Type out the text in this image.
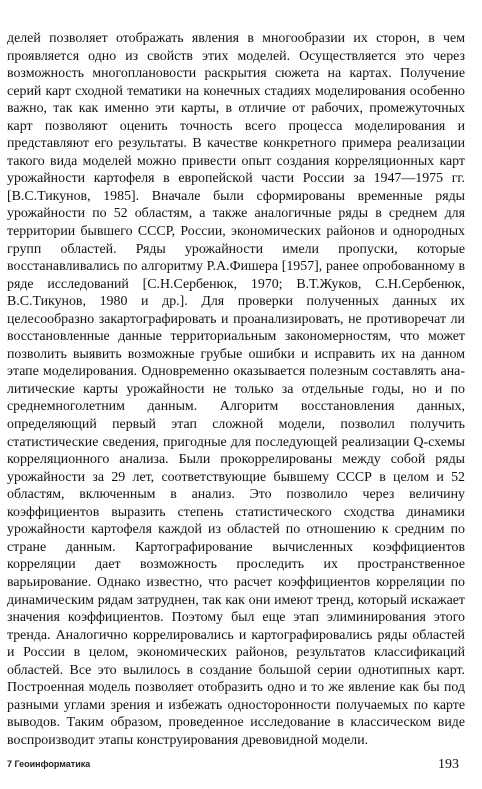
делей позволяет отображать явления в многообразии их сторон, в чем проявляется одно из свойств этих моделей. Осуществляется это через возможность многоплановости раскрытия сюжета на картах. Получение серий карт сходной тематики на конечных стадиях моделирования особенно важно, так как именно эти карты, в отличие от рабочих, промежуточных карт позволяют оценить точность всего процесса моделирования и представляют его результаты. В качестве конкретного примера реализации такого вида моделей можно привести опыт создания корреляционных карт урожайности картофеля в европейской части России за 1947—1975 гг. [В.С.Тикунов, 1985]. Вначале были сформированы временные ряды урожайности по 52 областям, а также аналогичные ряды в среднем для территории бывшего СССР, России, экономических районов и однородных групп областей. Ряды урожайности имели пропуски, которые восстанавливались по алгоритму Р.А.Фишера [1957], ранее опробованному в ряде исследований [С.Н.Сербенюк, 1970; В.Т.Жуков, С.Н.Сербенюк, В.С.Тикунов, 1980 и др.]. Для проверки полученных данных их целесообразно закартографировать и проанализировать, не противоречат ли восстановленные данные территориальным закономерностям, что может позволить выявить возможные грубые ошибки и исправить их на данном этапе моделирования. Одновременно оказывается полезным составлять аналитические карты урожайности не только за отдельные годы, но и по среднемноголетним данным. Алгоритм восстановления данных, определяющий первый этап сложной модели, позволил получить статистические сведения, пригодные для последующей реализации Q-схемы корреляционного анализа. Были прокоррелированы между собой ряды урожайности за 29 лет, соответствующие бывшему СССР в целом и 52 областям, включенным в анализ. Это позволило через величину коэффициентов выразить степень статистического сходства динамики урожайности картофеля каждой из областей по отношению к средним по стране данным. Картографирование вычисленных коэффициентов корреляции дает возможность проследить их пространственное варьирование. Однако известно, что расчет коэффициентов корреляции по динамическим рядам затруднен, так как они имеют тренд, который искажает значения коэффициентов. Поэтому был еще этап элиминирования этого тренда. Аналогично коррелировались и картографировались ряды областей и России в целом, экономических районов, результатов классификаций областей. Все это вылилось в создание большой серии однотипных карт. Построенная модель позволяет отобразить одно и то же явление как бы под разными углами зрения и избежать односторонности получаемых по карте выводов. Таким образом, проведенное исследование в классическом виде воспроизводит этапы конструирования древовидной модели.

7 Геоинформатика	193
